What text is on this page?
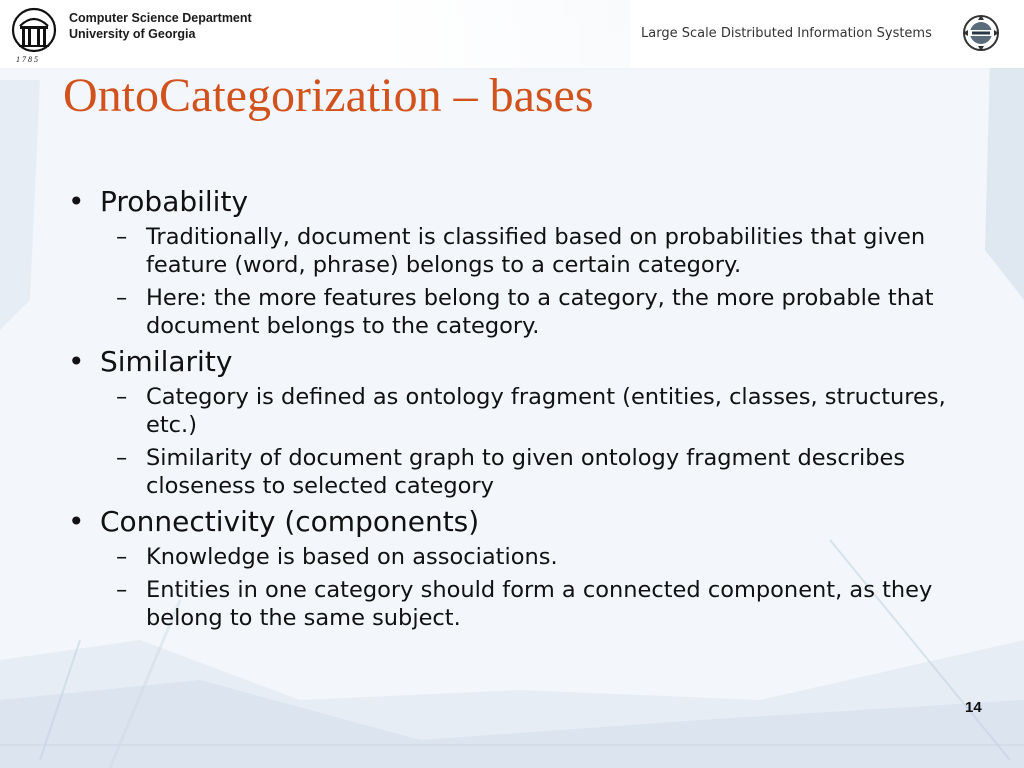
1 7 8 5
Computer Science Department
University of Georgia	Large Scale Distributed Information Systems
OntoCategorization – bases
• Probability
– Traditionally, document is classified based on probabilities that given feature (word, phrase) belongs to a certain category.
– Here: the more features belong to a category, the more probable that document belongs to the category.
• Similarity
– Category is defined as ontology fragment (entities, classes, structures, etc.)
– Similarity of document graph to given ontology fragment describes closeness to selected category
• Connectivity (components)
– Knowledge is based on associations.
– Entities in one category should form a connected component, as they belong to the same subject.
14
